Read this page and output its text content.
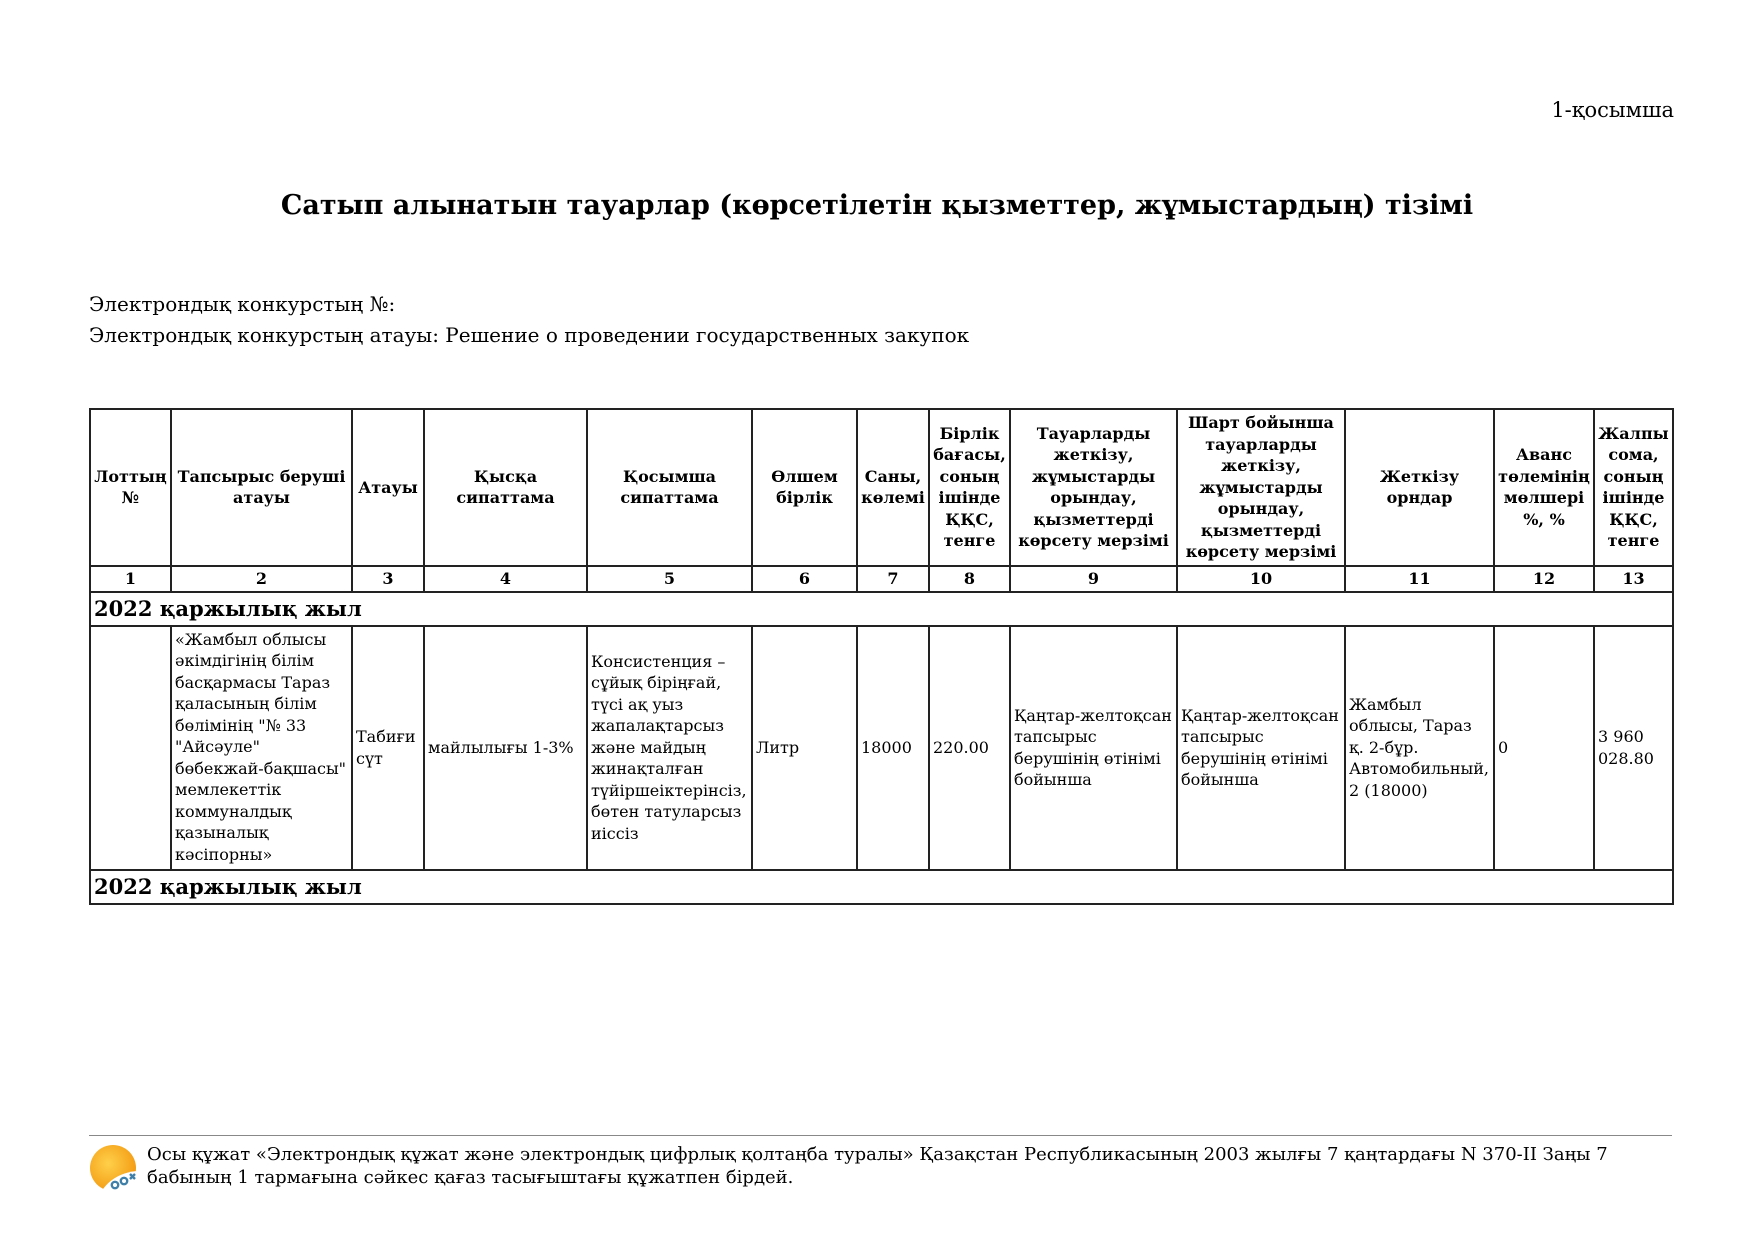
1-қосымша
Сатып алынатын тауарлар (көрсетілетін қызметтер, жұмыстардың) тізімі
Электрондық конкурстың №:
Электрондық конкурстың атауы: Решение о проведении государственных закупок
Лоттың №	Тапсырыс беруші атауы	Атауы	Қысқа сипаттама	Қосымша сипаттама	Өлшем бірлік	Саны, көлемі	Бірлік бағасы, соның ішінде ҚҚС, тенге	Тауарларды жеткізу, жұмыстарды орындау, қызметтерді көрсету мерзімі	Шарт бойынша тауарларды жеткізу, жұмыстарды орындау, қызметтерді көрсету мерзімі	Жеткізу орндар	Аванс төлемінің мөлшері %, %	Жалпы сома, соның ішінде ҚҚС, тенге
1	2	3	4	5	6	7	8	9	10	11	12	13
2022 қаржылық жыл												
	«Жамбыл облысы әкімдігінің білім басқармасы Тараз қаласының білім бөлімінің "№ 33 "Айсәуле" бөбекжай-бақшасы" мемлекеттік коммуналдық қазыналық кәсіпорны»	Табиғи сүт	майлылығы 1-3%	Консистенция – сұйық біріңғай, түсі ақ уыз жапалақтарсыз және майдың жинақталған түйіршеіктерінсіз, бөтен татуларсыз иіссіз	Литр	18000	220.00	Қаңтар-желтоқсан тапсырыс берушінің өтінімі бойынша	Қаңтар-желтоқсан тапсырыс берушінің өтінімі бойынша	Жамбыл облысы, Тараз қ. 2-бұр. Автомобильный, 2 (18000)	0	3 960 028.80
2022 қаржылық жыл												
Осы құжат «Электрондық құжат және электрондық цифрлық қолтаңба туралы» Қазақстан Республикасының 2003 жылғы 7 қаңтардағы N 370-ІІ Заңы 7 бабының 1 тармағына сәйкес қағаз тасығыштағы құжатпен бірдей.
